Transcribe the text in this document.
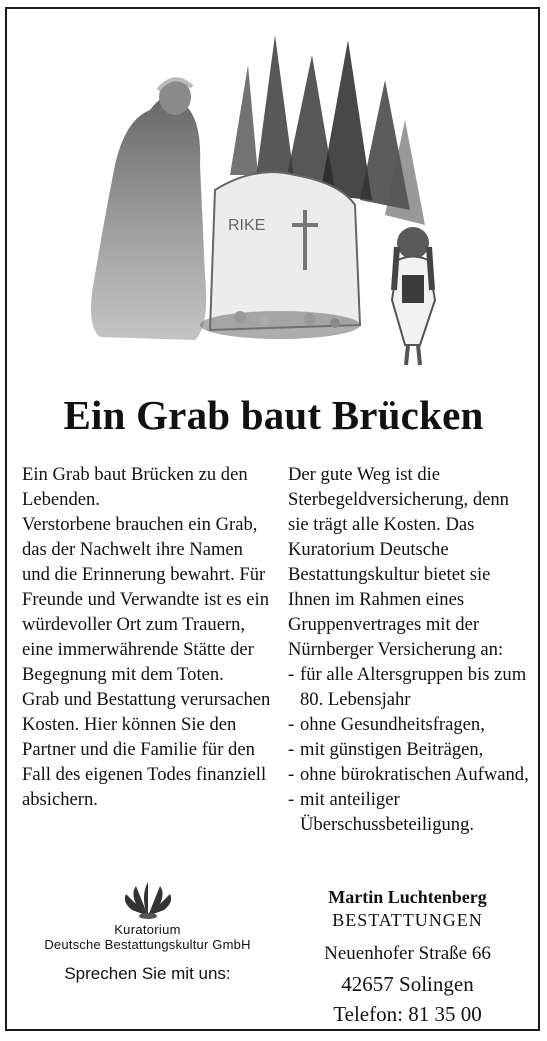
RIKE
Ein Grab baut Brücken

Ein Grab baut Brücken zu den Lebenden.

Verstorbene brauchen ein Grab, das der Nachwelt ihre Namen und die Erinnerung bewahrt. Für Freunde und Verwandte ist es ein würdevoller Ort zum Trauern, eine immerwährende Stätte der Begegnung mit dem Toten.

Grab und Bestattung verursachen Kosten. Hier können Sie den Partner und die Familie für den Fall des eigenen Todes finanziell absichern.

Der gute Weg ist die Sterbegeldversicherung, denn sie trägt alle Kosten. Das Kuratorium Deutsche Bestattungskultur bietet sie Ihnen im Rahmen eines Gruppenvertrages mit der Nürnberger Versicherung an:

- für alle Altersgruppen bis zum 80. Lebensjahr
- ohne Gesundheitsfragen,
- mit günstigen Beiträgen,
- ohne bürokratischen Aufwand,
- mit anteiliger Überschussbeteiligung.
Kuratorium
Deutsche Bestattungskultur GmbH
Sprechen Sie mit uns:
Martin Luchtenberg
BESTATTUNGEN
Neuenhofer Straße 66
42657 Solingen
Telefon: 81 35 00
